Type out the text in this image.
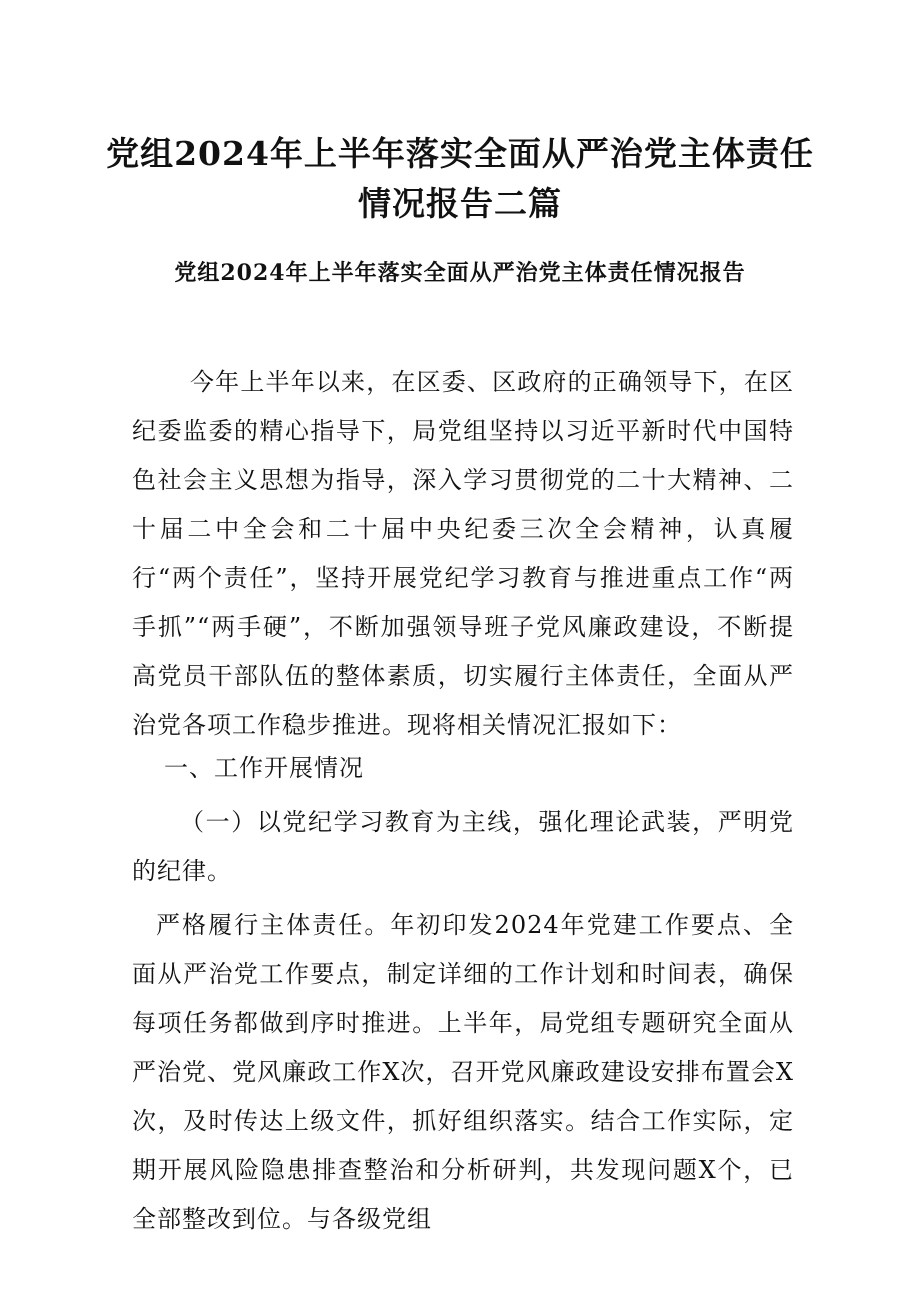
党组2024年上半年落实全面从严治党主体责任
情况报告二篇
党组2024年上半年落实全面从严治党主体责任情况报告

今年上半年以来，在区委、区政府的正确领导下，在区纪委监委的精心指导下，局党组坚持以习近平新时代中国特色社会主义思想为指导，深入学习贯彻党的二十大精神、二十届二中全会和二十届中央纪委三次全会精神，认真履行“两个责任”，坚持开展党纪学习教育与推进重点工作“两手抓”“两手硬”，不断加强领导班子党风廉政建设，不断提高党员干部队伍的整体素质，切实履行主体责任，全面从严治党各项工作稳步推进。现将相关情况汇报如下：

一、工作开展情况

（一）以党纪学习教育为主线，强化理论武装，严明党的纪律。

严格履行主体责任。年初印发2024年党建工作要点、全面从严治党工作要点，制定详细的工作计划和时间表，确保每项任务都做到序时推进。上半年，局党组专题研究全面从严治党、党风廉政工作X次，召开党风廉政建设安排布置会X次，及时传达上级文件，抓好组织落实。结合工作实际，定期开展风险隐患排查整治和分析研判，共发现问题X个，已全部整改到位。与各级党组
